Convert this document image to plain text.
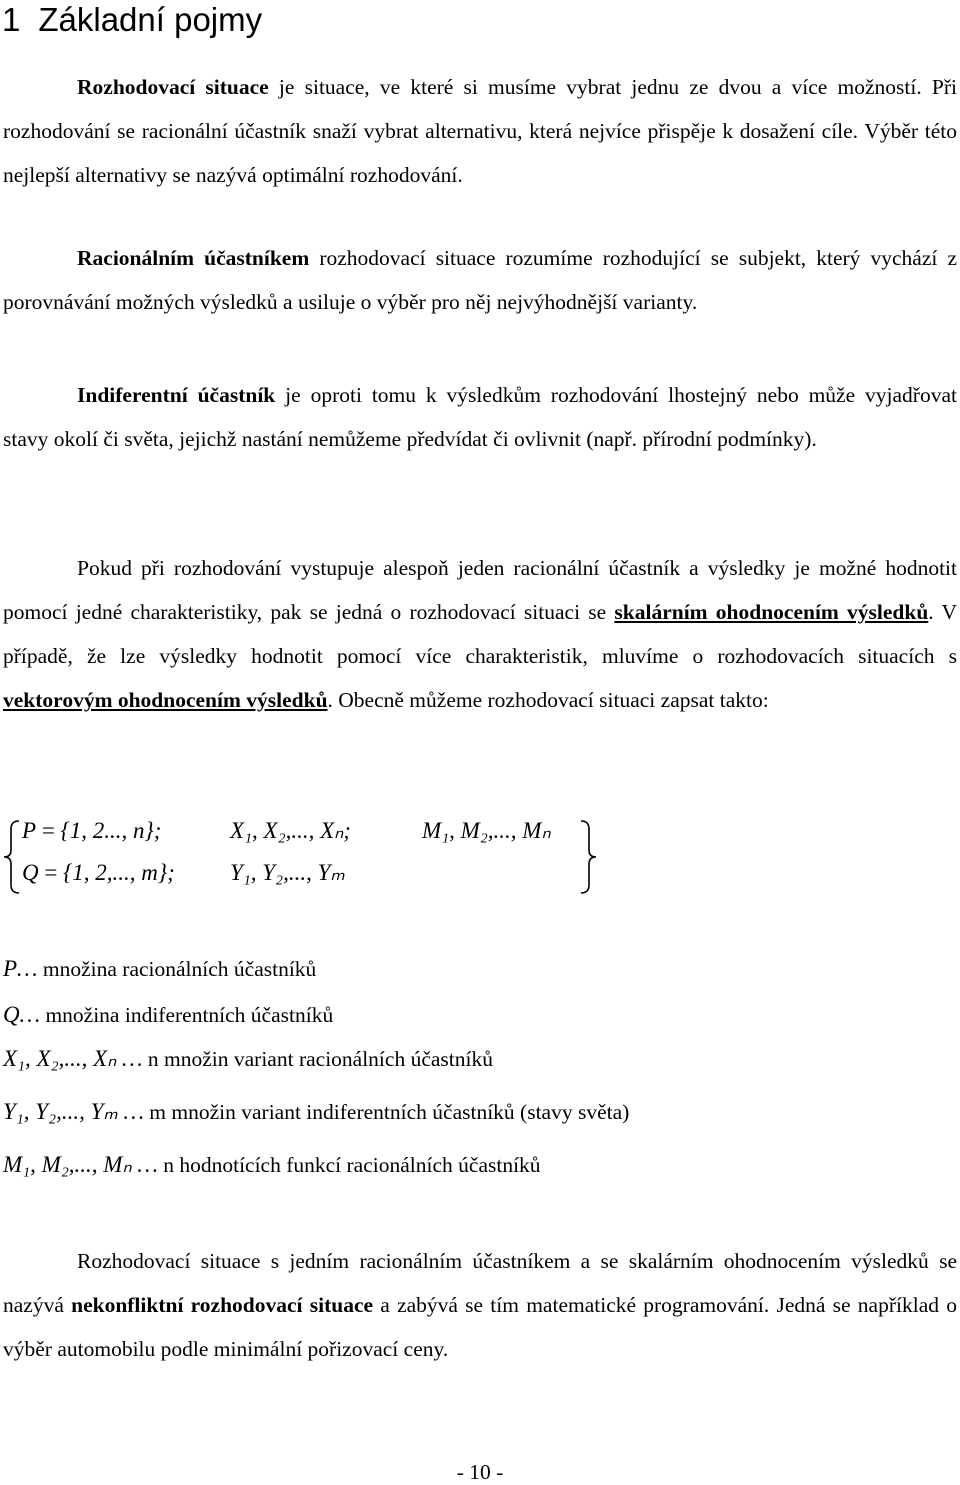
1 Základní pojmy

Rozhodovací situace je situace, ve které si musíme vybrat jednu ze dvou a více možností. Při rozhodování se racionální účastník snaží vybrat alternativu, která nejvíce přispěje k dosažení cíle. Výběr této nejlepší alternativy se nazývá optimální rozhodování.

Racionálním účastníkem rozhodovací situace rozumíme rozhodující se subjekt, který vychází z porovnávání možných výsledků a usiluje o výběr pro něj nejvýhodnější varianty.

Indiferentní účastník je oproti tomu k výsledkům rozhodování lhostejný nebo může vyjadřovat stavy okolí či světa, jejichž nastání nemůžeme předvídat či ovlivnit (např. přírodní podmínky).

Pokud při rozhodování vystupuje alespoň jeden racionální účastník a výsledky je možné hodnotit pomocí jedné charakteristiky, pak se jedná o rozhodovací situaci se skalárním ohodnocením výsledků. V případě, že lze výsledky hodnotit pomocí více charakteristik, mluvíme o rozhodovacích situacích s vektorovým ohodnocením výsledků. Obecně můžeme rozhodovací situaci zapsat takto:

P = {1, 2..., n};	X₁, X₂,..., Xₙ;	M₁, M₂,..., Mₙ
Q = {1, 2,..., m}; Y₁, Y₂,..., Yₘ
P… množina racionálních účastníků
Q… množina indiferentních účastníků
X₁, X₂,..., Xₙ … n množin variant racionálních účastníků
Y₁, Y₂,..., Yₘ … m množin variant indiferentních účastníků (stavy světa)
M₁, M₂,..., Mₙ … n hodnotících funkcí racionálních účastníků

Rozhodovací situace s jedním racionálním účastníkem a se skalárním ohodnocením výsledků se nazývá nekonfliktní rozhodovací situace a zabývá se tím matematické programování. Jedná se například o výběr automobilu podle minimální pořizovací ceny.

- 10 -
